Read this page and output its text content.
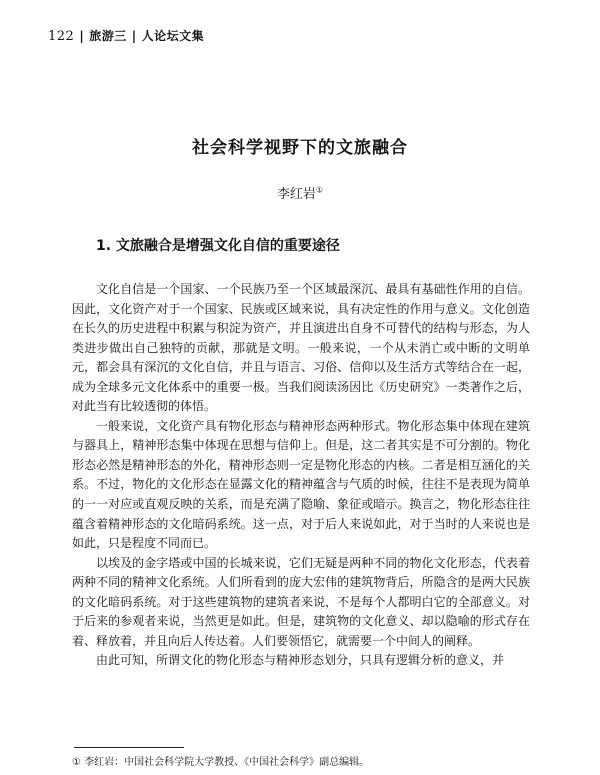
122 | 旅游三 | 人论坛文集
社会科学视野下的文旅融合
李红岩①
1. 文旅融合是增强文化自信的重要途径

文化自信是一个国家、一个民族乃至一个区域最深沉、最具有基础性作用的自信。因此，文化资产对于一个国家、民族或区域来说，具有决定性的作用与意义。文化创造在长久的历史进程中积累与积淀为资产，并且演进出自身不可替代的结构与形态，为人类进步做出自己独特的贡献，那就是文明。一般来说，一个从未消亡或中断的文明单元，都会具有深沉的文化自信，并且与语言、习俗、信仰以及生活方式等结合在一起，成为全球多元文化体系中的重要一极。当我们阅读汤因比《历史研究》一类著作之后，对此当有比较透彻的体悟。

一般来说，文化资产具有物化形态与精神形态两种形式。物化形态集中体现在建筑与器具上，精神形态集中体现在思想与信仰上。但是，这二者其实是不可分割的。物化形态必然是精神形态的外化，精神形态则一定是物化形态的内核。二者是相互涵化的关系。不过，物化的文化形态在显露文化的精神蕴含与气质的时候，往往不是表现为简单的一一对应或直观反映的关系，而是充满了隐喻、象征或暗示。换言之，物化形态往往蕴含着精神形态的文化暗码系统。这一点，对于后人来说如此，对于当时的人来说也是如此，只是程度不同而已。

以埃及的金字塔或中国的长城来说，它们无疑是两种不同的物化文化形态，代表着两种不同的精神文化系统。人们所看到的庞大宏伟的建筑物背后，所隐含的是两大民族的文化暗码系统。对于这些建筑物的建筑者来说，不是每个人都明白它的全部意义。对于后来的参观者来说，当然更是如此。但是，建筑物的文化意义、却以隐喻的形式存在着、释放着，并且向后人传达着。人们要领悟它，就需要一个中间人的阐释。

由此可知，所谓文化的物化形态与精神形态划分，只具有逻辑分析的意义，并

① 李红岩：中国社会科学院大学教授、《中国社会科学》副总编辑。
